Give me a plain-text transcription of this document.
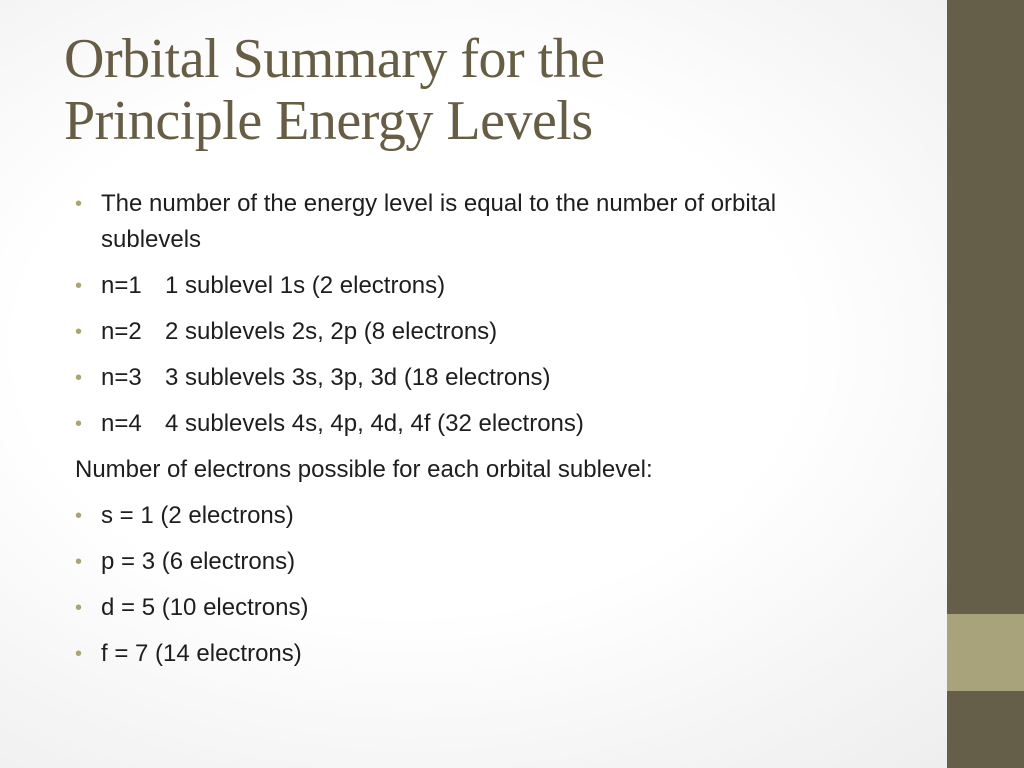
Orbital Summary for the
Principle Energy Levels
• The number of the energy level is equal to the number of orbital sublevels
• n=1 1 sublevel 1s (2 electrons)
• n=2 2 sublevels 2s, 2p (8 electrons)
• n=3 3 sublevels 3s, 3p, 3d (18 electrons)
• n=4 4 sublevels 4s, 4p, 4d, 4f (32 electrons)
Number of electrons possible for each orbital sublevel:
• s = 1 (2 electrons)
• p = 3 (6 electrons)
• d = 5 (10 electrons)
• f = 7 (14 electrons)
